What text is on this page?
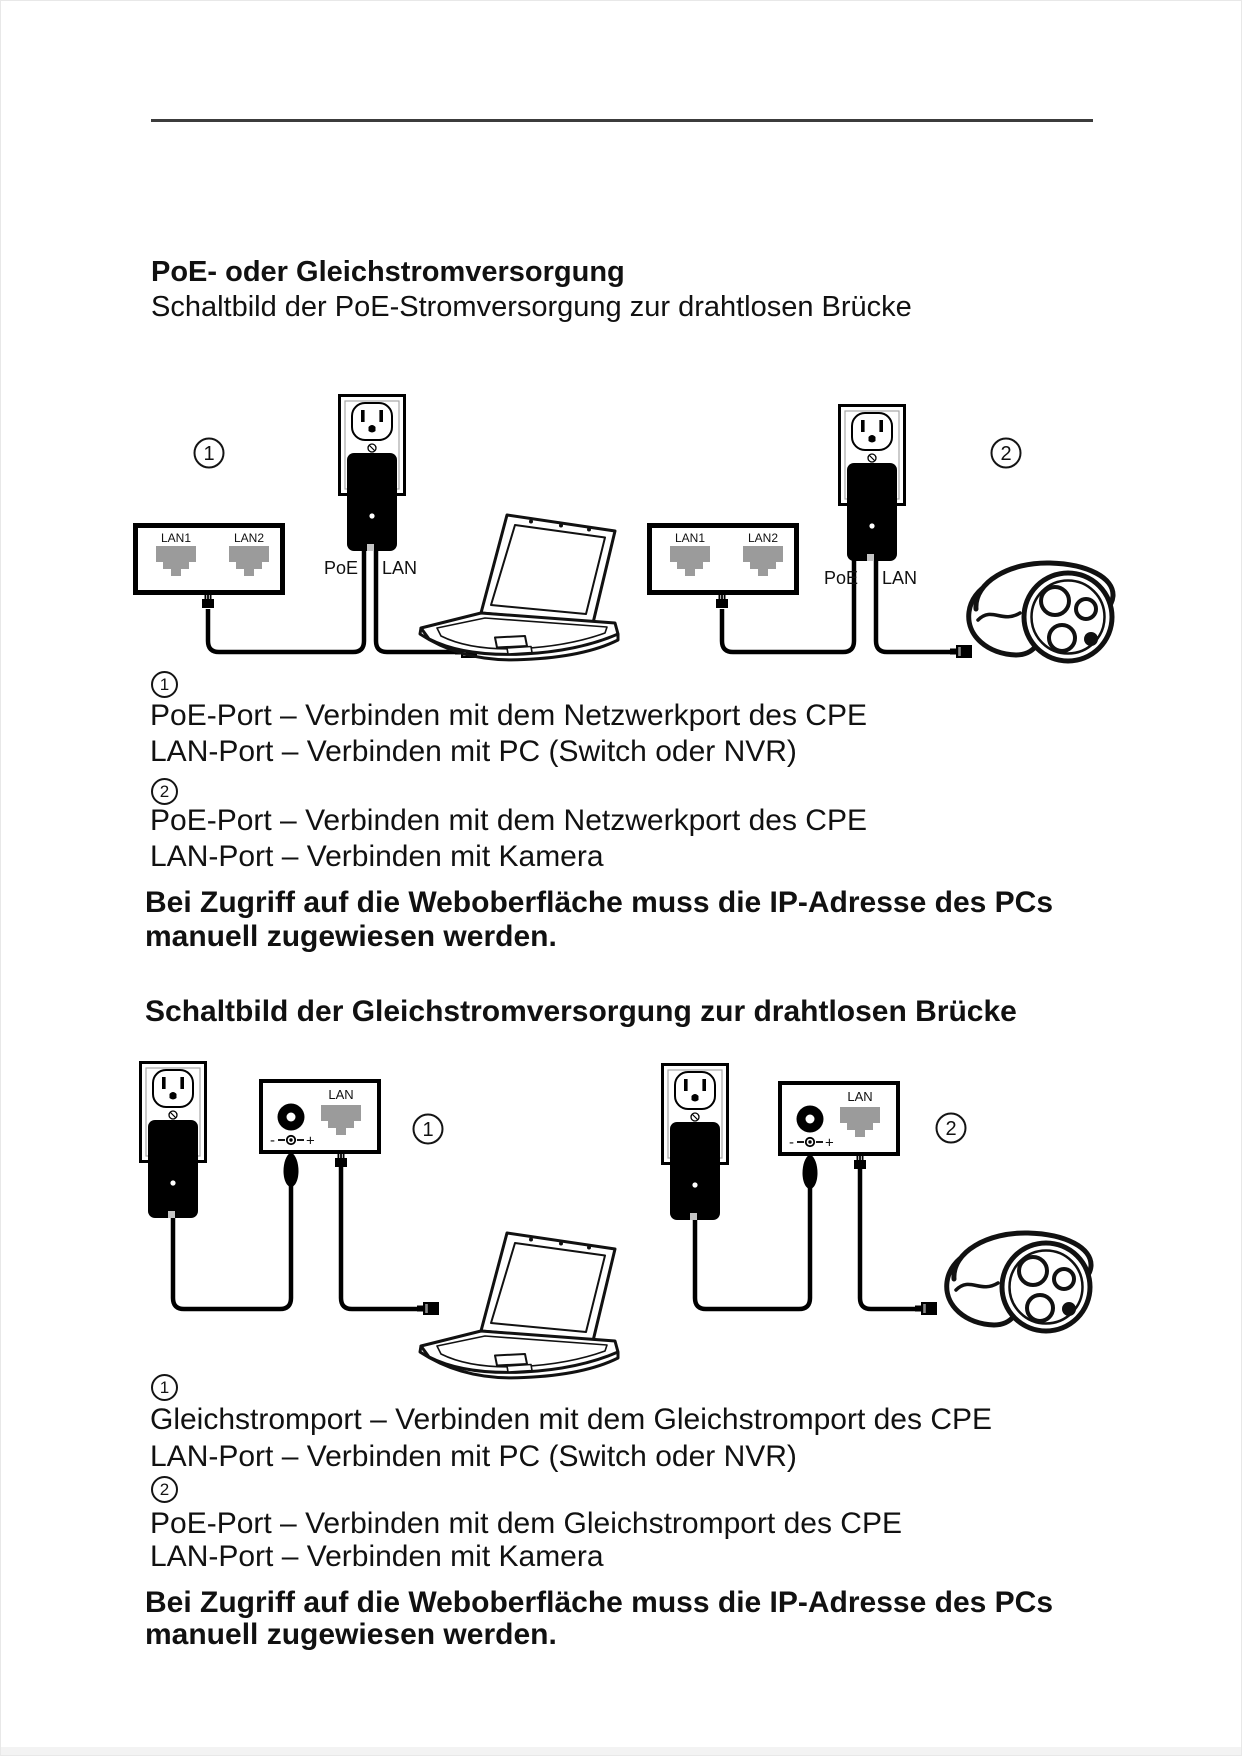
PoE- oder Gleichstromversorgung
Schaltbild der PoE-Stromversorgung zur drahtlosen Brücke
1
PoE LAN
2
PoE LAN
1
PoE-Port – Verbinden mit dem Netzwerkport des CPE
LAN-Port – Verbinden mit PC (Switch oder NVR)
2
PoE-Port – Verbinden mit dem Netzwerkport des CPE
LAN-Port – Verbinden mit Kamera
Bei Zugriff auf die Weboberfläche muss die IP-Adresse des PCs
manuell zugewiesen werden.
Schaltbild der Gleichstromversorgung zur drahtlosen Brücke
1	2
1
Gleichstromport – Verbinden mit dem Gleichstromport des CPE
LAN-Port – Verbinden mit PC (Switch oder NVR)
2
PoE-Port – Verbinden mit dem Gleichstromport des CPE
LAN-Port – Verbinden mit Kamera
Bei Zugriff auf die Weboberfläche muss die IP-Adresse des PCs
manuell zugewiesen werden.
